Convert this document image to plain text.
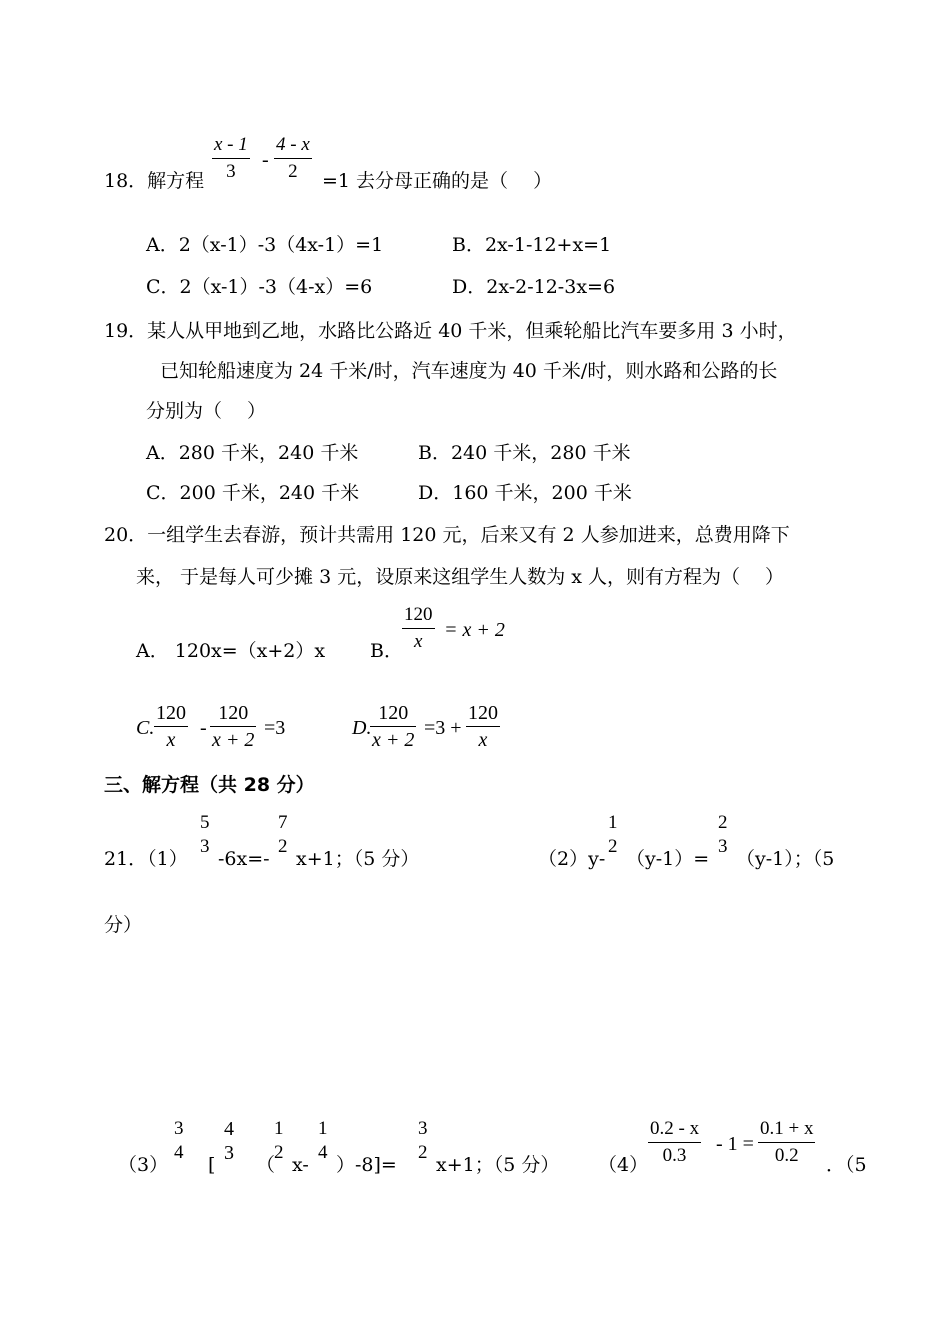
18．解方程
x - 1
3
-
4 - x
2	=1 去分母正确的是（　 ）
A．2（x-1）-3（4x-1）=1	B．2x-1-12+x=1
C．2（x-1）-3（4-x）=6	D．2x-2-12-3x=6
19．某人从甲地到乙地，水路比公路近 40 千米，但乘轮船比汽车要多用 3 小时，
已知轮船速度为 24 千米/时，汽车速度为 40 千米/时，则水路和公路的长
分别为（　 ）
A．280 千米，240 千米	B．240 千米，280 千米
C．200 千米，240 千米	D．160 千米，200 千米
20．一组学生去春游，预计共需用 120 元，后来又有 2 人参加进来，总费用降下
来， 于是每人可少摊 3 元，设原来这组学生人数为 x 人，则有方程为（　 ）
A． 120x=（x+2）x B．
120
x
= x + 2
C.
120
x
-
120
x + 2
=3	D.
120
x + 2
=3 +
120
x
三、解方程（共 28 分）
21．（1）
5
3
-6x=-
7
2
x+1；（5 分）	（2）y-
1
2
（y-1）=
2
3
（y-1）；（5
分）
（3）
3
4
[
4
3
（
1
2
x-
1
4
）-8]=
3
2
x+1；（5 分） （4）
0.2 - x
0.3
- 1 =
0.1 + x
0.2	．（5
